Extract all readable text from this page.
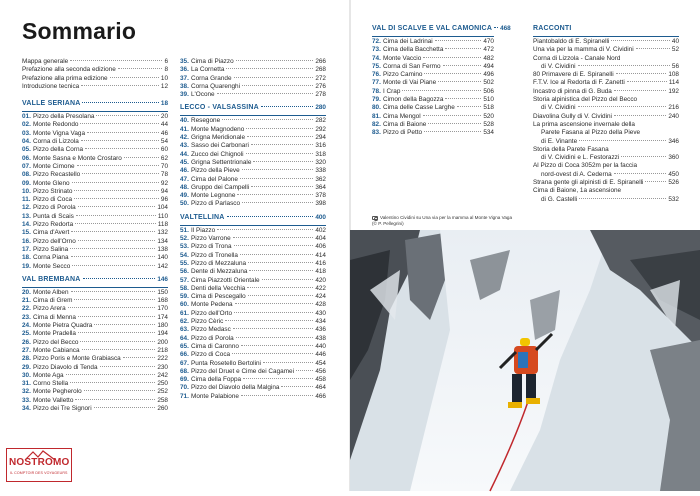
Sommario
Mappa generale	6
Prefazione alla seconda edizione	8
Prefazione alla prima edizione	10
Introduzione tecnica	12
VALLE SERIANA	18
01. Pizzo della Presolana	20
02. Monte Redondo	44
03. Monte Vigna Vaga	46
04. Corna di Lizzola	54
05. Pizzo della Corna	60
06. Monte Sasna e Monte Crostaro	62
07. Monte Cimone	70
08. Pizzo Recastello	78
09. Monte Gleno	92
10. Pizzo Strinato	94
11. Pizzo di Coca	96
12. Pizzo di Porola	104
13. Punta di Scais	110
14. Pizzo Redorta	118
15. Cima d'Avert	132
16. Pizzo dell'Orno	134
17. Pizzo Salina	138
18. Corna Piana	140
19. Monte Secco	142
VAL BREMBANA	146
20. Monte Alben	150
21. Cima di Grem	168
22. Pizzo Arera	170
23. Cima di Menna	174
24. Monte Pietra Quadra	180
25. Monte Pradella	194
26. Pizzo del Becco	200
27. Monte Cabianca	218
28. Pizzo Poris e Monte Grabiasca	222
29. Pizzo Diavolo di Tenda	230
30. Monte Aga	242
31. Corno Stella	250
32. Monte Pegherolo	252
33. Monte Valletto	258
34. Pizzo dei Tre Signori	260
35. Cima di Piazzo	266
36. La Cornetta	268
37. Corna Grande	272
38. Corna Quarenghi	276
39. L'Ocone	278
LECCO - VALSASSINA	280
40. Resegone	282
41. Monte Magnodeno	292
42. Grigna Meridionale	294
43. Sasso dei Carbonari	316
44. Zucco dei Chignoli	318
45. Grigna Settentrionale	320
46. Pizzo della Pieve	338
47. Cima del Palone	362
48. Gruppo dei Campelli	364
49. Monte Legnone	378
50. Pizzo di Parlasco	398
VALTELLINA	400
51. Il Piazzo	402
52. Pizzo Varrone	404
53. Pizzo di Trona	406
54. Pizzo di Tronella	414
55. Pizzo di Mezzaluna	416
56. Dente di Mezzaluna	418
57. Cima Piazzotti Orientale	420
58. Denti della Vecchia	422
59. Cima di Pescegallo	424
60. Monte Pedena	428
61. Pizzo dell'Orto	430
62. Pizzo Cèric	434
63. Pizzo Medasc	436
64. Pizzo di Porola	438
65. Cima di Caronno	440
66. Pizzo di Coca	446
67. Punta Rosetello Bertolini	454
68. Pizzo del Druet e Cime dei Cagamei	456
69. Cima della Foppa	458
70. Pizzo del Diavolo della Malgina	464
71. Monte Palabione	466
VAL DI SCALVE E VAL CAMONICA 468
72. Cima dei Ladrinai	470
73. Cima della Bacchetta	472
74. Monte Vaccio	482
75. Corna di San Fermo	494
76. Pizzo Camino	496
77. Monte di Vai Piane	502
78. I Crap	506
79. Cimon della Bagozza	510
80. Cima delle Casse Larghe	518
81. Cima Mengol	520
82. Cima di Baione	528
83. Pizzo di Petto	534
RACCONTI
Piantobaldo di E. Spiranelli	40
Una via per la mamma di V. Cividini	52
Corna di Lizzola - Canale Nord
di V. Cividini	56
80 Primavere di E. Spiranelli	108
F.T.V. Ice al Redorta di F. Zanetti	114
Incastro di pinna di G. Buda	192
Storia alpinistica del Pizzo del Becco
di V. Cividini	216
Diavolina Gully di V. Cividini	240
La prima ascensione invernale della
Parete Fasana al Pizzo della Pieve
di E. Vinante	346
Storia della Parete Fasana
di V. Cividini e L. Festorazzi	360
Al Pizzo di Coca 3052m per la faccia
nord-ovest di A. Cederna	450
Strana gente gli alpinisti di E. Spiranelli	526
Cima di Baione, 1a ascensione
di G. Castelli	532
Valentino Cividini su Una via per la mamma al Monte Vigna Vaga (© P. Pellegrini)
NOSTROMO
IL COMPTOIR DES VOYAGEURS
